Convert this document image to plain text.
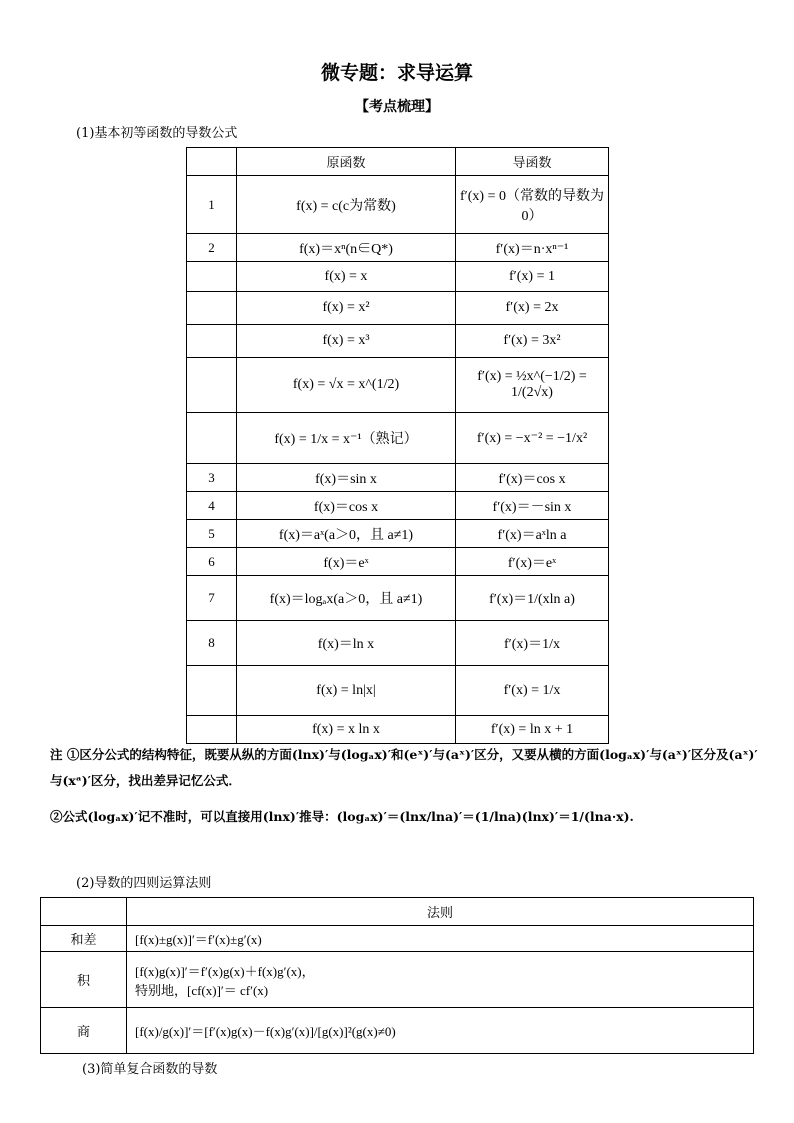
微专题：求导运算
【考点梳理】
(1)基本初等函数的导数公式
	原函数	导函数
1	f(x) = c(c为常数)	f′(x) = 0（常数的导数为 0）
2	f(x)＝xⁿ(n∈Q*)	f′(x)＝n·xⁿ⁻¹
	f(x) = x	f′(x) = 1
	f(x) = x²	f′(x) = 2x
	f(x) = x³	f′(x) = 3x²
	f(x) = √x = x^(1/2)	f′(x) = ½x^(−1/2) = 1/(2√x)
	f(x) = 1/x = x⁻¹（熟记）	f′(x) = −x⁻² = −1/x²
3	f(x)＝sin x	f′(x)＝cos x
4	f(x)＝cos x	f′(x)＝－sin x
5	f(x)＝aˣ(a＞0，且 a≠1)	f′(x)＝aˣln a
6	f(x)＝eˣ	f′(x)＝eˣ
7	f(x)＝logₐx(a＞0，且 a≠1)	f′(x)＝1/(xln a)
8	f(x)＝ln x	f′(x)＝1/x
	f(x) = ln|x|	f′(x) = 1/x
	f(x) = x ln x	f′(x) = ln x + 1
注 ①区分公式的结构特征，既要从纵的方面(lnx)′与(logₐx)′和(eˣ)′与(aˣ)′区分，又要从横的方面(logₐx)′与(aˣ)′区分及(aˣ)′与(xᵃ)′区分，找出差异记忆公式．
②公式(logₐx)′记不准时，可以直接用(lnx)′推导：(logₐx)′＝(lnx/lna)′＝(1/lna)(lnx)′＝1/(lna·x).
(2)导数的四则运算法则
	法则
和差	[f(x)±g(x)]′＝f′(x)±g′(x)
积	[f(x)g(x)]′＝f′(x)g(x)＋f(x)g′(x)，
特别地，[cf(x)]′＝ cf′(x)

商	[f(x)/g(x)]′＝[f′(x)g(x)－f(x)g′(x)]/[g(x)]²(g(x)≠0)
(3)简单复合函数的导数
